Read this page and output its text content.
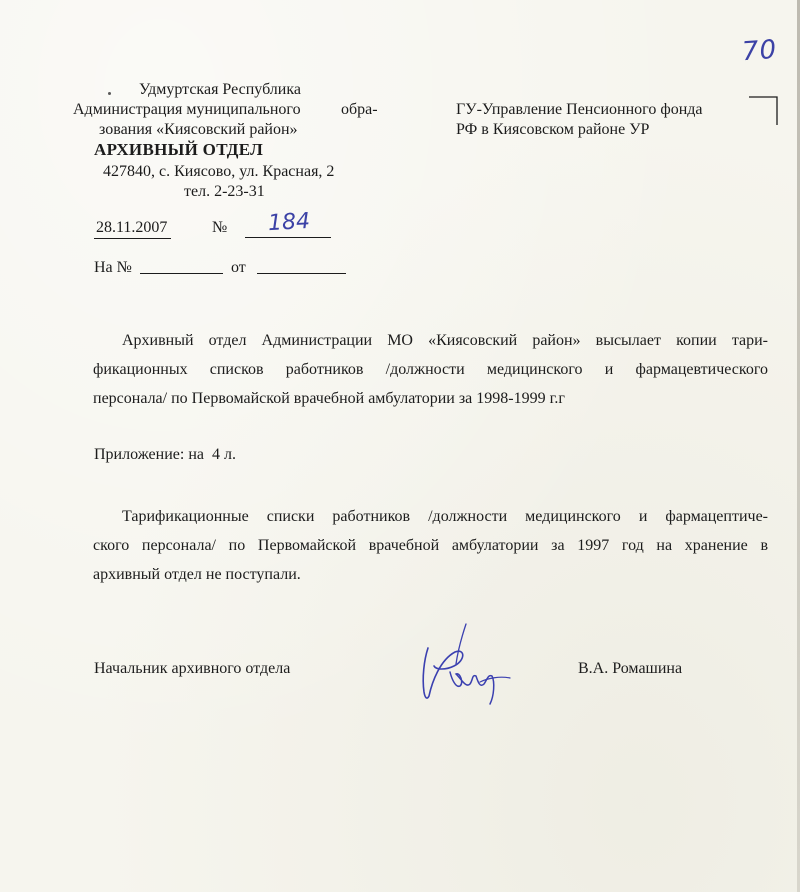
70
Удмуртская Республика
Администрация муниципального	обра-
зования «Киясовский район»
АРХИВНЫЙ ОТДЕЛ
427840, с. Киясово, ул. Красная, 2
тел. 2-23-31
ГУ-Управление Пенсионного фонда
РФ в Киясовском районе УР
28.11.2007	№ 184
На №	от
Архивный отдел Администрации МО «Киясовский район» высылает копии тари-
фикационных списков работников /должности медицинского и фармацевтического
персонала/ по Первомайской врачебной амбулатории за 1998-1999 г.г
Приложение: на  4 л.
Тарификационные списки работников /должности медицинского и фармацептиче-
ского персонала/ по Первомайской врачебной амбулатории за 1997 год на хранение в
архивный отдел не поступали.
Начальник архивного отдела	В.А. Ромашина
